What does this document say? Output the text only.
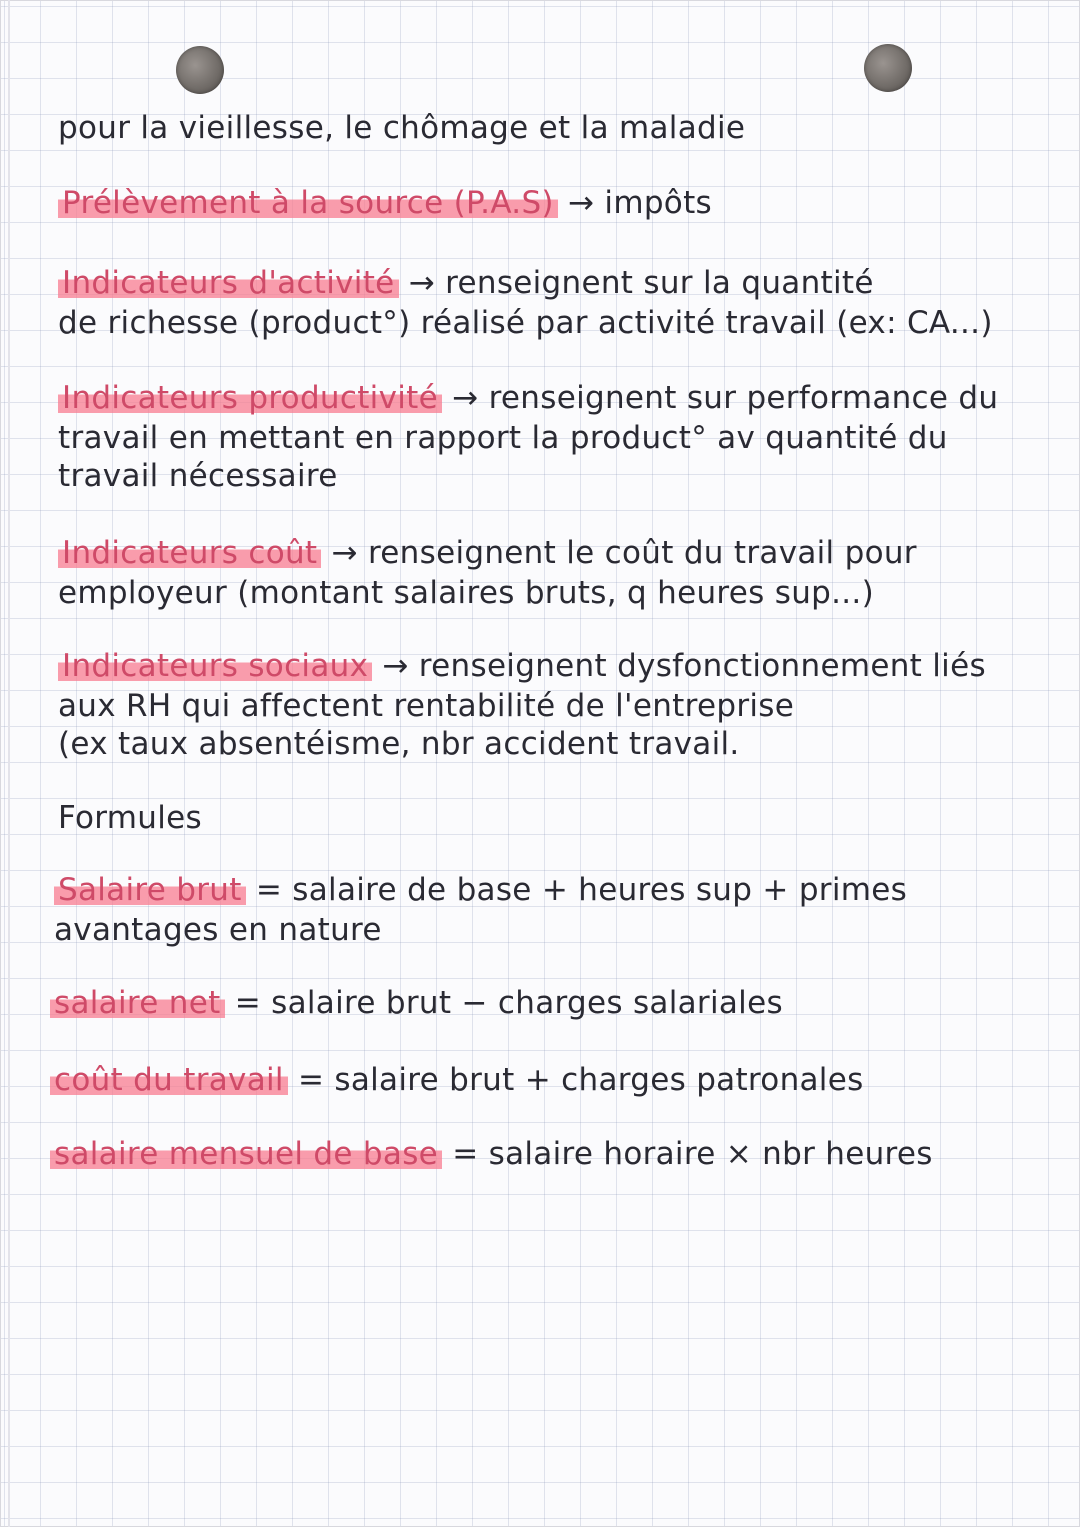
pour la vieillesse, le chômage et la maladie
Prélèvement à la source (P.A.S) → impôts
Indicateurs d'activité → renseignent sur la quantité
de richesse (product°) réalisé par activité travail (ex: CA...)
Indicateurs productivité → renseignent sur performance du
travail en mettant en rapport la product° av quantité du
travail nécessaire
Indicateurs coût → renseignent le coût du travail pour
employeur (montant salaires bruts, q heures sup...)
Indicateurs sociaux → renseignent dysfonctionnement liés
aux RH qui affectent rentabilité de l'entreprise
(ex taux absentéisme, nbr accident travail.
Formules
Salaire brut = salaire de base + heures sup + primes
avantages en nature
salaire net = salaire brut − charges salariales
coût du travail = salaire brut + charges patronales
salaire mensuel de base = salaire horaire × nbr heures
